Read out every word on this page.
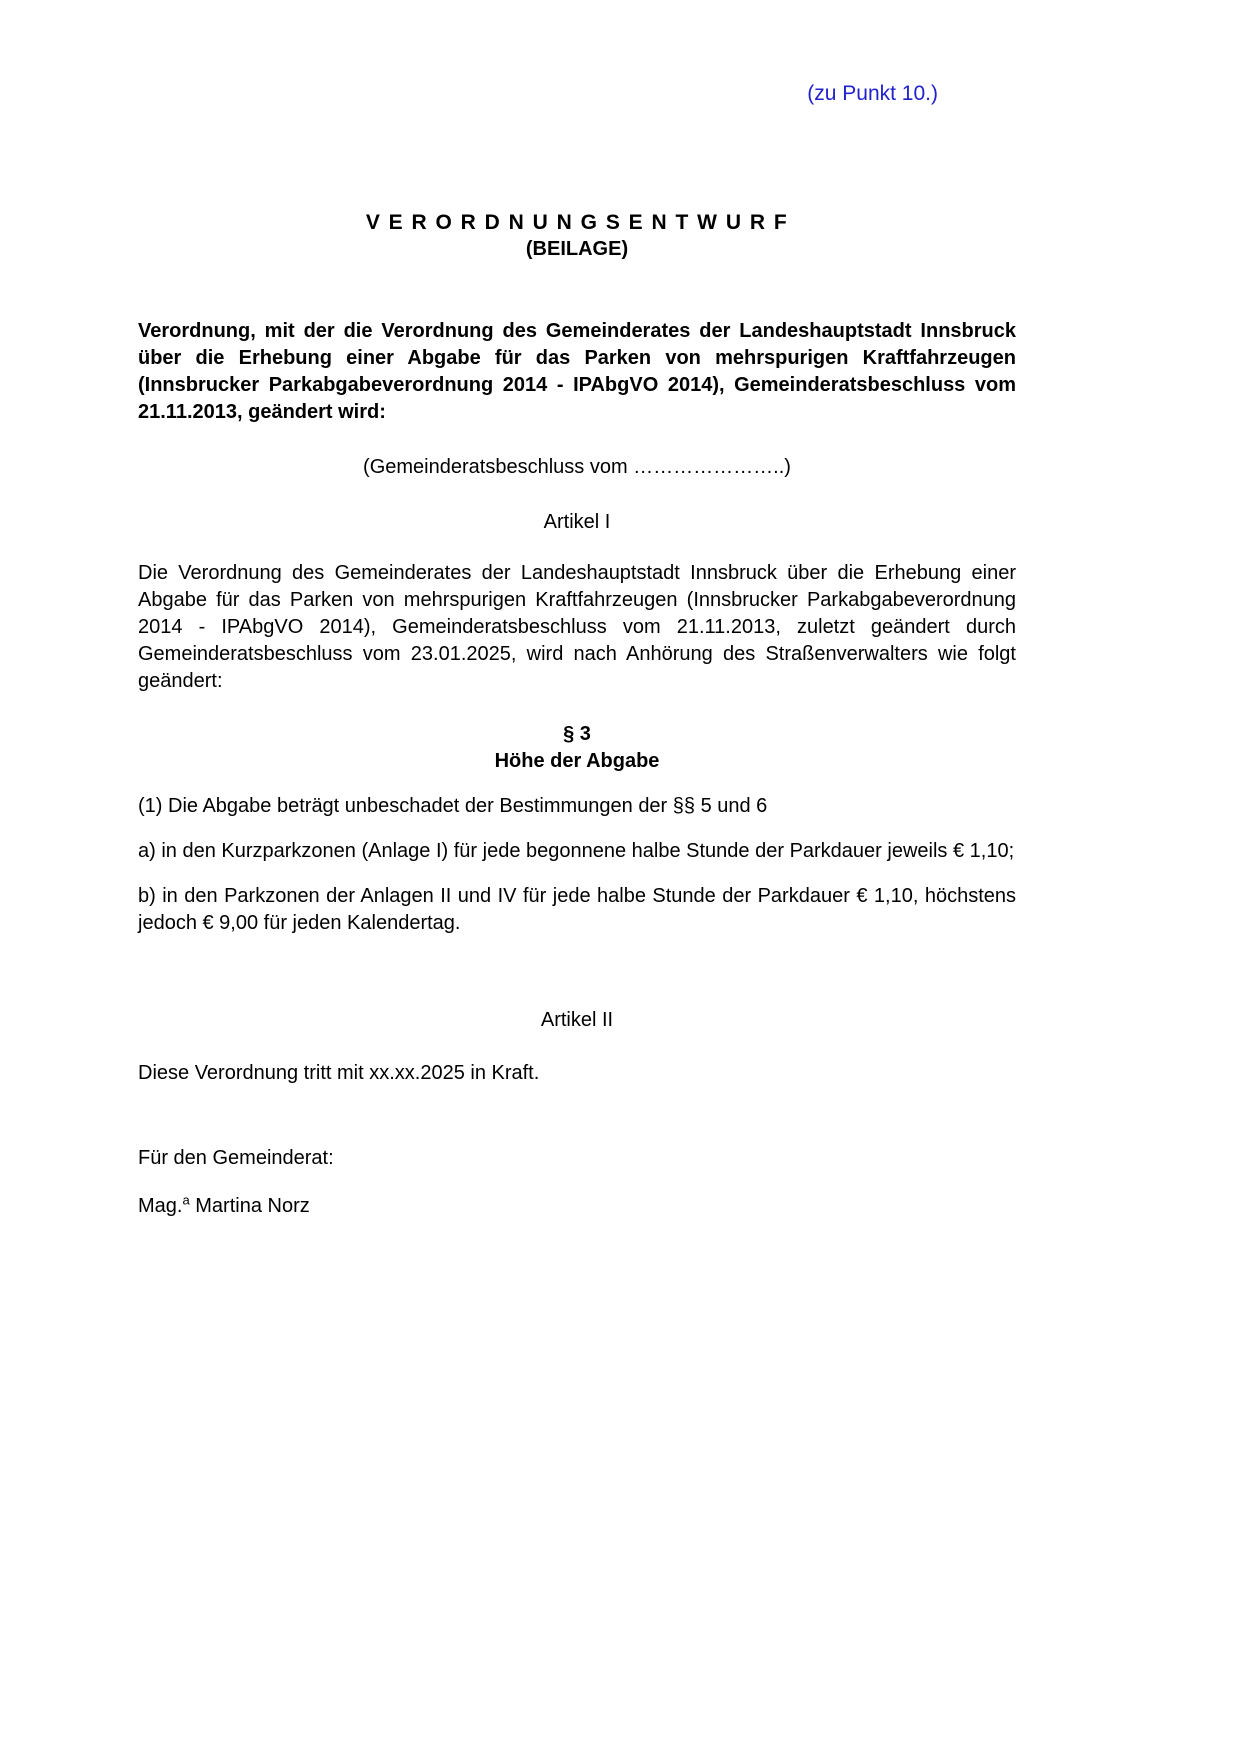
(zu Punkt 10.)
V E R O R D N U N G S E N T W U R F
(BEILAGE)

Verordnung, mit der die Verordnung des Gemeinderates der Landeshauptstadt Innsbruck über die Erhebung einer Abgabe für das Parken von mehrspurigen Kraftfahrzeugen (Innsbrucker Parkabgabeverordnung 2014 - IPAbgVO 2014), Gemeinderatsbeschluss vom 21.11.2013, geändert wird:

(Gemeinderatsbeschluss vom …………………..)

Artikel I

Die Verordnung des Gemeinderates der Landeshauptstadt Innsbruck über die Erhebung einer Abgabe für das Parken von mehrspurigen Kraftfahrzeugen (Innsbrucker Parkabgabeverordnung 2014 - IPAbgVO 2014), Gemeinderatsbeschluss vom 21.11.2013, zuletzt geändert durch Gemeinderatsbeschluss vom 23.01.2025, wird nach Anhörung des Straßenverwalters wie folgt geändert:

§ 3

Höhe der Abgabe

(1) Die Abgabe beträgt unbeschadet der Bestimmungen der §§ 5 und 6

a) in den Kurzparkzonen (Anlage I) für jede begonnene halbe Stunde der Parkdauer jeweils € 1,10;

b) in den Parkzonen der Anlagen II und IV für jede halbe Stunde der Parkdauer € 1,10, höchstens jedoch € 9,00 für jeden Kalendertag.

Artikel II

Diese Verordnung tritt mit xx.xx.2025 in Kraft.

Für den Gemeinderat:

Mag.$^a$ Martina Norz
